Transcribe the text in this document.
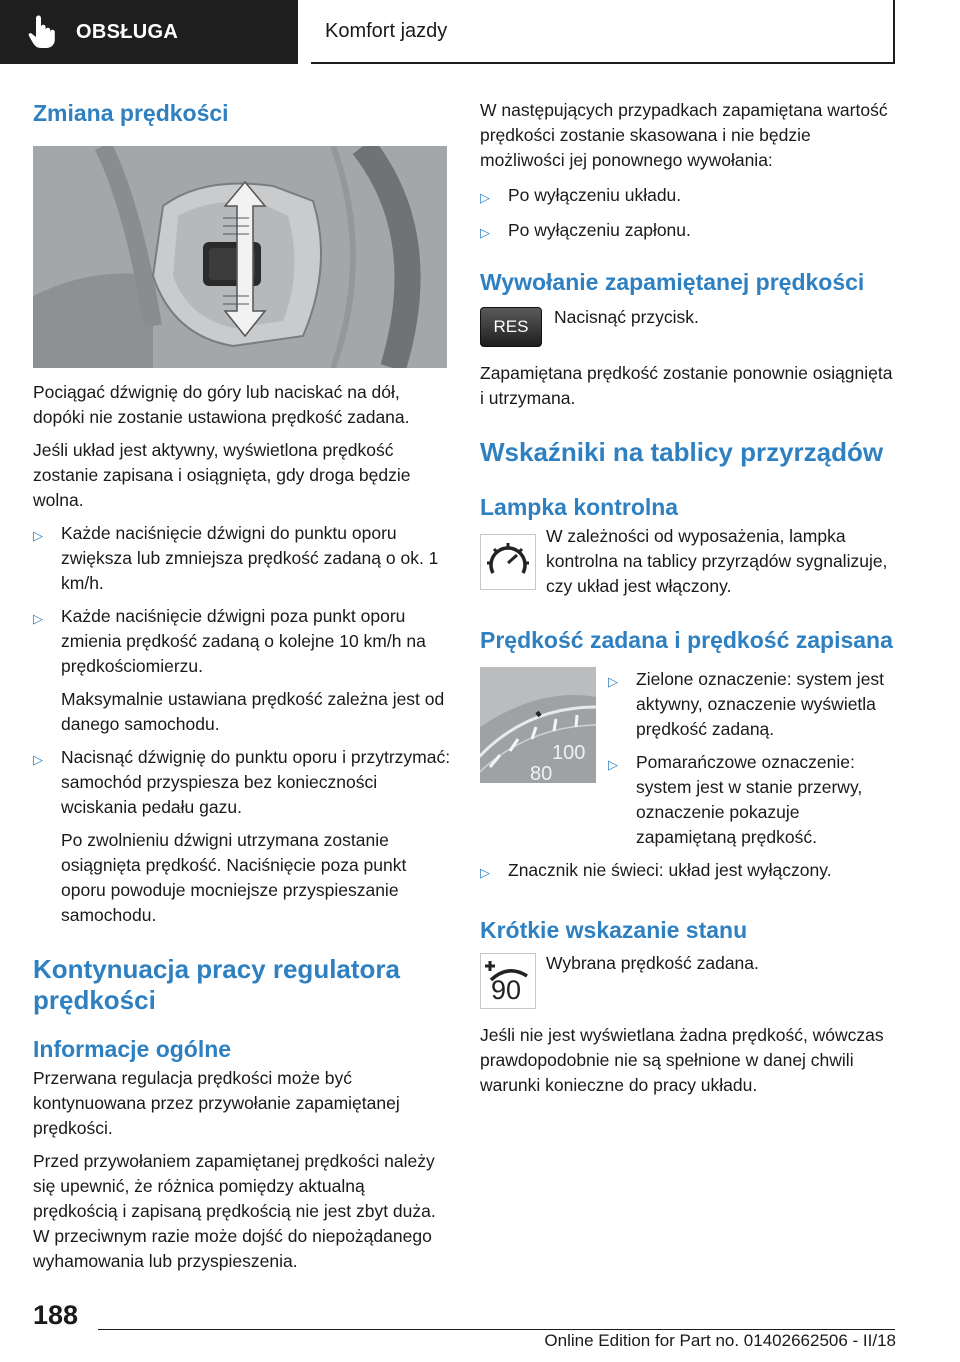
OBSŁUGA	Komfort jazdy
Zmiana prędkości

Pociągać dźwignię do góry lub naciskać na dół, dopóki nie zostanie ustawiona prędkość zadana.

Jeśli układ jest aktywny, wyświetlona prędkość zostanie zapisana i osiągnięta, gdy droga będzie wolna.

▷	Każde naciśnięcie dźwigni do punktu oporu zwiększa lub zmniejsza prędkość zadaną o ok. 1 km/h.
▷	Każde naciśnięcie dźwigni poza punkt oporu zmienia prędkość zadaną o kolejne 10 km/h na prędkościomierzu.

Maksymalnie ustawiana prędkość zależna jest od danego samochodu.

▷	Nacisnąć dźwignię do punktu oporu i przytrzymać: samochód przyspiesza bez konieczności wciskania pedału gazu.

Po zwolnieniu dźwigni utrzymana zostanie osiągnięta prędkość. Naciśnięcie poza punkt oporu powoduje mocniejsze przyspieszanie samochodu.

Kontynuacja pracy regulatora prędkości
Informacje ogólne

Przerwana regulacja prędkości może być kontynuowana przez przywołanie zapamiętanej prędkości.

Przed przywołaniem zapamiętanej prędkości należy się upewnić, że różnica pomiędzy aktualną prędkością i zapisaną prędkością nie jest zbyt duża. W przeciwnym razie może dojść do niepożądanego wyhamowania lub przyspieszenia.

W następujących przypadkach zapamiętana wartość prędkości zostanie skasowana i nie będzie możliwości jej ponownego wywołania:

▷	Po wyłączeniu układu.
▷	Po wyłączeniu zapłonu.
Wywołanie zapamiętanej prędkości
RES Nacisnąć przycisk.

Zapamiętana prędkość zostanie ponownie osiągnięta i utrzymana.

Wskaźniki na tablicy przyrządów
Lampka kontrolna

W zależności od wyposażenia, lampka kontrolna na tablicy przyrządów sygnalizuje, czy układ jest włączony.

Prędkość zadana i prędkość zapisana
100
80
▷	Zielone oznaczenie: system jest aktywny, oznaczenie wyświetla prędkość zadaną.
▷	Pomarańczowe oznaczenie: system jest w stanie przerwy, oznaczenie pokazuje zapamiętaną prędkość.
▷	Znacznik nie świeci: układ jest wyłączony.
Krótkie wskazanie stanu
90

Wybrana prędkość zadana.

Jeśli nie jest wyświetlana żadna prędkość, wówczas prawdopodobnie nie są spełnione w danej chwili warunki konieczne do pracy układu.

188
Online Edition for Part no. 01402662506 - II/18
